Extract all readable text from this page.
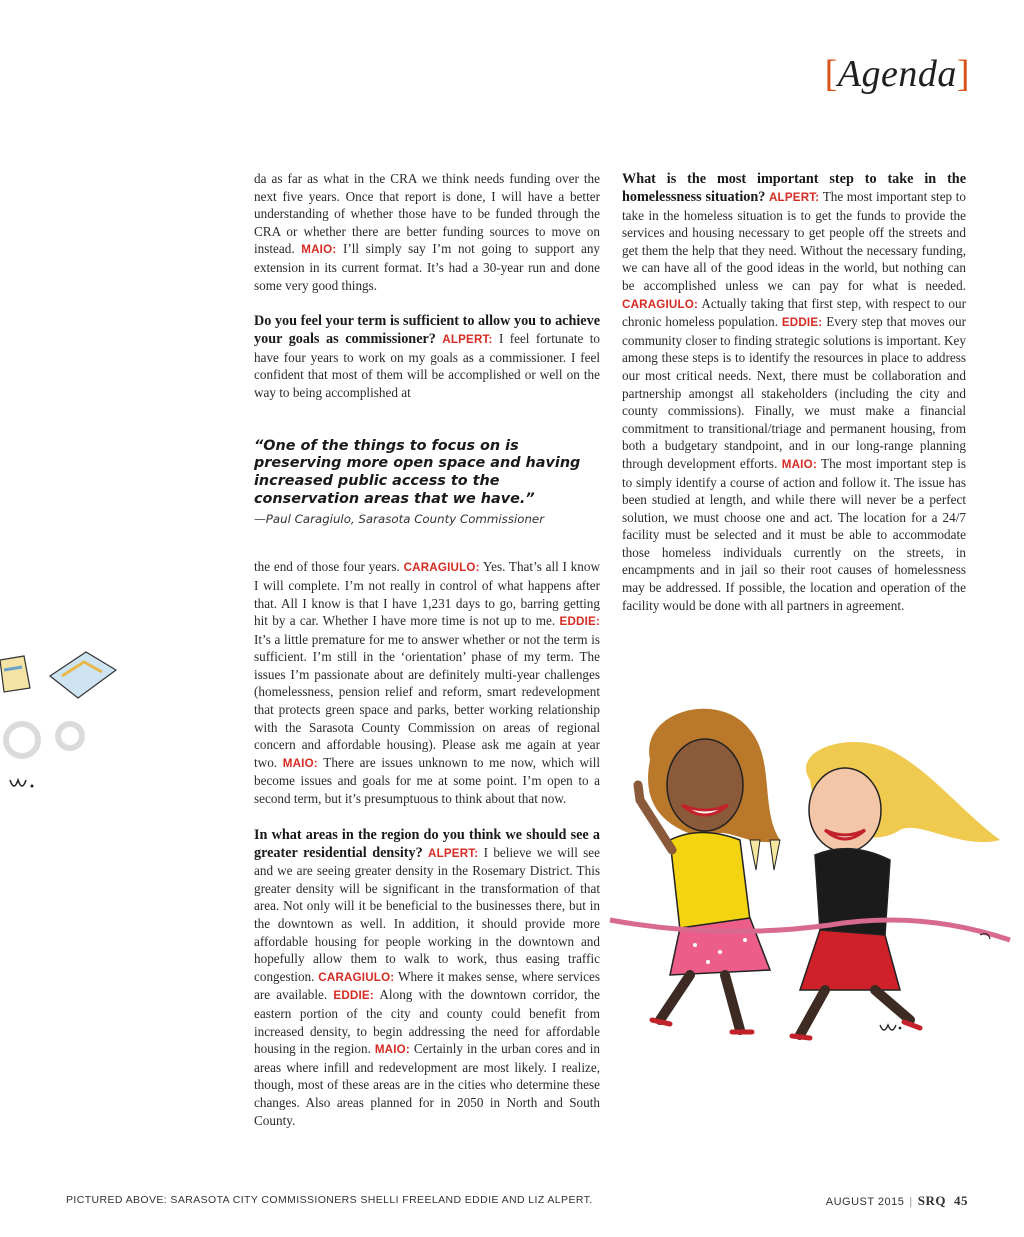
[Agenda]

da as far as what in the CRA we think needs funding over the next five years. Once that report is done, I will have a better understanding of whether those have to be funded through the CRA or whether there are better funding sources to move on instead. MAIO: I’ll simply say I’m not going to support any extension in its current format. It’s had a 30-year run and done some very good things.

Do you feel your term is sufficient to allow you to achieve your goals as commissioner? ALPERT: I feel fortunate to have four years to work on my goals as a commissioner. I feel confident that most of them will be accomplished or well on the way to being accomplished at

“One of the things to focus on is preserving more open space and having increased public access to the conservation areas that we have.”
—Paul Caragiulo, Sarasota County Commissioner

the end of those four years. CARAGIULO: Yes. That’s all I know I will complete. I’m not really in control of what happens after that. All I know is that I have 1,231 days to go, barring getting hit by a car. Whether I have more time is not up to me. EDDIE: It’s a little premature for me to answer whether or not the term is sufficient. I’m still in the ‘orientation’ phase of my term. The issues I’m passionate about are definitely multi-year challenges (homelessness, pension relief and reform, smart redevelopment that protects green space and parks, better working relationship with the Sarasota County Commission on areas of regional concern and affordable housing). Please ask me again at year two. MAIO: There are issues unknown to me now, which will become issues and goals for me at some point. I’m open to a second term, but it’s presumptuous to think about that now.

In what areas in the region do you think we should see a greater residential density? ALPERT: I believe we will see and we are seeing greater density in the Rosemary District. This greater density will be significant in the transformation of that area. Not only will it be beneficial to the businesses there, but in the downtown as well. In addition, it should provide more affordable housing for people working in the downtown and hopefully allow them to walk to work, thus easing traffic congestion. CARAGIULO: Where it makes sense, where services are available. EDDIE: Along with the downtown corridor, the eastern portion of the city and county could benefit from increased density, to begin addressing the need for affordable housing in the region. MAIO: Certainly in the urban cores and in areas where infill and redevelopment are most likely. I realize, though, most of these areas are in the cities who determine these changes. Also areas planned for in 2050 in North and South County.

What is the most important step to take in the homelessness situation? ALPERT: The most important step to take in the homeless situation is to get the funds to provide the services and housing necessary to get people off the streets and get them the help that they need. Without the necessary funding, we can have all of the good ideas in the world, but nothing can be accomplished unless we can pay for what is needed. CARAGIULO: Actually taking that first step, with respect to our chronic homeless population. EDDIE: Every step that moves our community closer to finding strategic solutions is important. Key among these steps is to identify the resources in place to address our most critical needs. Next, there must be collaboration and partnership amongst all stakeholders (including the city and county commissions). Finally, we must make a financial commitment to transitional/triage and permanent housing, from both a budgetary standpoint, and in our long-range planning through development efforts. MAIO: The most important step is to simply identify a course of action and follow it. The issue has been studied at length, and while there will never be a perfect solution, we must choose one and act. The location for a 24/7 facility must be selected and it must be able to accommodate those homeless individuals currently on the streets, in encampments and in jail so their root causes of homelessness may be addressed. If possible, the location and operation of the facility would be done with all partners in agreement.

PICTURED ABOVE: SARASOTA CITY COMMISSIONERS SHELLI FREELAND EDDIE AND LIZ ALPERT.	AUGUST 2015 | SRQ 45
